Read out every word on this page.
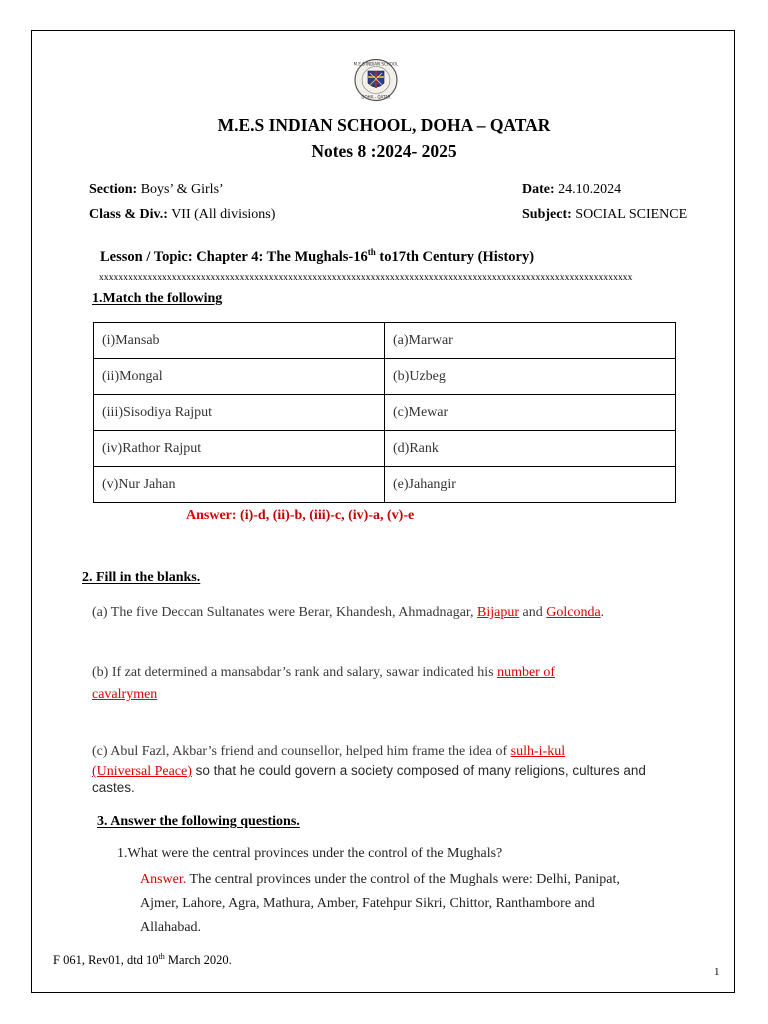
M.E.S INDIAN SCHOOL
DOHA - QATAR
M.E.S INDIAN SCHOOL, DOHA – QATAR
Notes 8 :2024- 2025
Section: Boys’ & Girls’
Class & Div.: VII (All divisions)
Date: 24.10.2024
Subject: SOCIAL SCIENCE
Lesson / Topic: Chapter 4: The Mughals-16th to17th Century (History)
xxxxxxxxxxxxxxxxxxxxxxxxxxxxxxxxxxxxxxxxxxxxxxxxxxxxxxxxxxxxxxxxxxxxxxxxxxxxxxxxxxxxxxxxxxxxxxxxxxxxxxxxxxxxxx
1.Match the following
(i)Mansab	(a)Marwar
(ii)Mongal	(b)Uzbeg
(iii)Sisodiya Rajput	(c)Mewar
(iv)Rathor Rajput	(d)Rank
(v)Nur Jahan	(e)Jahangir
Answer: (i)-d, (ii)-b, (iii)-c, (iv)-a, (v)-e
2. Fill in the blanks.
(a) The five Deccan Sultanates were Berar, Khandesh, Ahmadnagar, Bijapur and Golconda.
(b) If zat determined a mansabdar’s rank and salary, sawar indicated his number of
cavalrymen
(c) Abul Fazl, Akbar’s friend and counsellor, helped him frame the idea of sulh-i-kul
(Universal Peace) so that he could govern a society composed of many religions, cultures and
castes.
3. Answer the following questions.
1.What were the central provinces under the control of the Mughals?
Answer. The central provinces under the control of the Mughals were: Delhi, Panipat,
Ajmer, Lahore, Agra, Mathura, Amber, Fatehpur Sikri, Chittor, Ranthambore and
Allahabad.
F 061, Rev01, dtd 10th March 2020.
1
